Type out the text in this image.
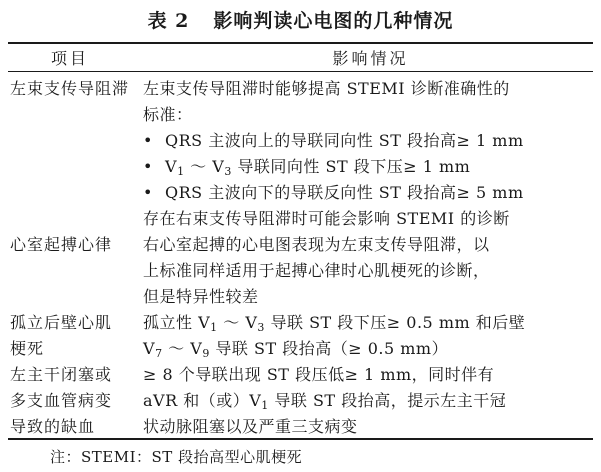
表 2 影响判读心电图的几种情况
项目	影响情况
左束支传导阻滞 左束支传导阻滞时能够提高 STEMI 诊断准确性的
标准：
• QRS 主波向上的导联同向性 ST 段抬高≥ 1 mm
• $V_1$ ～ $V_3$ 导联同向性 ST 段下压≥ 1 mm
• QRS 主波向下的导联反向性 ST 段抬高≥ 5 mm
存在右束支传导阻滞时可能会影响 STEMI 的诊断
心室起搏心律	右心室起搏的心电图表现为左束支传导阻滞，以
上标准同样适用于起搏心律时心肌梗死的诊断，
但是特异性较差
孤立后壁心肌
梗死
孤立性 $V_1$ ～ $V_3$ 导联 ST 段下压≥ 0.5 mm 和后壁
$V_7$ ～ $V_9$ 导联 ST 段抬高（≥ 0.5 mm）
左主干闭塞或
多支血管病变
导致的缺血
≥ 8 个导联出现 ST 段压低≥ 1 mm，同时伴有
aVR 和（或）$V_1$ 导联 ST 段抬高，提示左主干冠
状动脉阻塞以及严重三支病变
注：STEMI：ST 段抬高型心肌梗死
